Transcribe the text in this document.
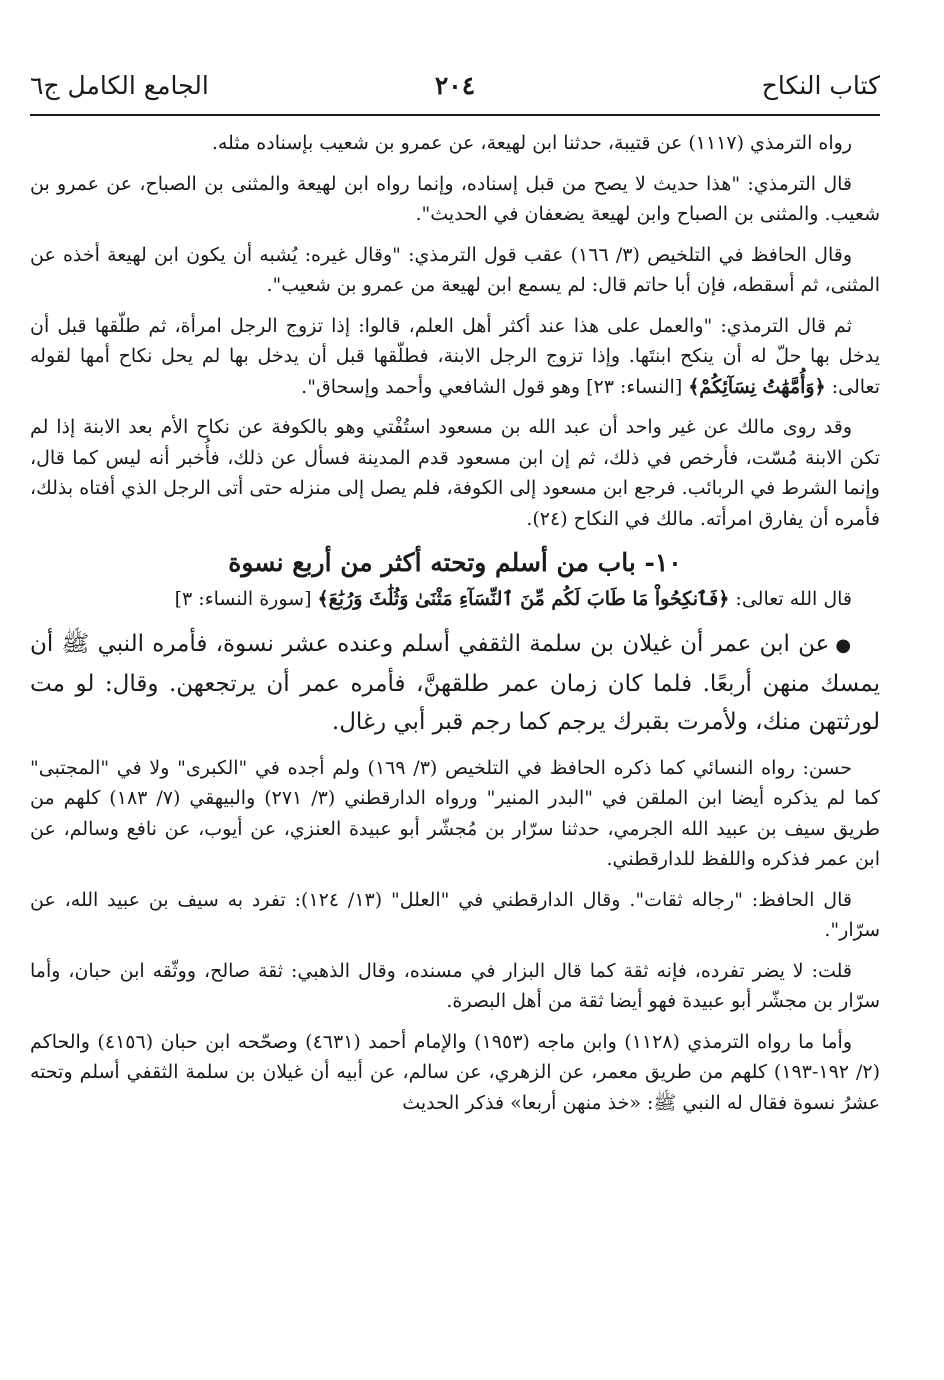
كتاب النكاح
٢٠٤
الجامع الكامل ج٦

رواه الترمذي (١١١٧) عن قتيبة، حدثنا ابن لهيعة، عن عمرو بن شعيب بإسناده مثله.

قال الترمذي: "هذا حديث لا يصح من قبل إسناده، وإنما رواه ابن لهيعة والمثنى بن الصباح، عن عمرو بن شعيب. والمثنى بن الصباح وابن لهيعة يضعفان في الحديث".

وقال الحافظ في التلخيص (٣/ ١٦٦) عقب قول الترمذي: "وقال غيره: يُشبه أن يكون ابن لهيعة أخذه عن المثنى، ثم أسقطه، فإن أبا حاتم قال: لم يسمع ابن لهيعة من عمرو بن شعيب".

ثم قال الترمذي: "والعمل على هذا عند أكثر أهل العلم، قالوا: إذا تزوج الرجل امرأة، ثم طلّقها قبل أن يدخل بها حلّ له أن ينكح ابنتَها. وإذا تزوج الرجل الابنة، فطلّقها قبل أن يدخل بها لم يحل نكاح أمها لقوله تعالى: ﴿وَأُمَّهَٰتُ نِسَآئِكُمْ﴾ [النساء: ٢٣] وهو قول الشافعي وأحمد وإسحاق".

وقد روى مالك عن غير واحد أن عبد الله بن مسعود استُفْتي وهو بالكوفة عن نكاح الأم بعد الابنة إذا لم تكن الابنة مُسّت، فأرخص في ذلك، ثم إن ابن مسعود قدم المدينة فسأل عن ذلك، فأُخبر أنه ليس كما قال، وإنما الشرط في الربائب. فرجع ابن مسعود إلى الكوفة، فلم يصل إلى منزله حتى أتى الرجل الذي أفتاه بذلك، فأمره أن يفارق امرأته. مالك في النكاح (٢٤).

١٠- باب من أسلم وتحته أكثر من أربع نسوة

قال الله تعالى: ﴿فَٱنكِحُواْ مَا طَابَ لَكُم مِّنَ ٱلنِّسَآءِ مَثْنَىٰ وَثُلَٰثَ وَرُبَٰعَ﴾ [سورة النساء: ٣]

●عن ابن عمر أن غيلان بن سلمة الثقفي أسلم وعنده عشر نسوة، فأمره النبي ﷺ أن يمسك منهن أربعًا. فلما كان زمان عمر طلقهنَّ، فأمره عمر أن يرتجعهن. وقال: لو مت لورثتهن منك، ولأمرت بقبرك يرجم كما رجم قبر أبي رغال.

حسن: رواه النسائي كما ذكره الحافظ في التلخيص (٣/ ١٦٩) ولم أجده في "الكبرى" ولا في "المجتبى" كما لم يذكره أيضا ابن الملقن في "البدر المنير" ورواه الدارقطني (٣/ ٢٧١) والبيهقي (٧/ ١٨٣) كلهم من طريق سيف بن عبيد الله الجرمي، حدثنا سرّار بن مُجشّر أبو عبيدة العنزي، عن أيوب، عن نافع وسالم، عن ابن عمر فذكره واللفظ للدارقطني.

قال الحافظ: "رجاله ثقات". وقال الدارقطني في "العلل" (١٣/ ١٢٤): تفرد به سيف بن عبيد الله، عن سرّار".

قلت: لا يضر تفرده، فإنه ثقة كما قال البزار في مسنده، وقال الذهبي: ثقة صالح، ووثّقه ابن حبان، وأما سرّار بن مجشّر أبو عبيدة فهو أيضا ثقة من أهل البصرة.

وأما ما رواه الترمذي (١١٢٨) وابن ماجه (١٩٥٣) والإمام أحمد (٤٦٣١) وصحّحه ابن حبان (٤١٥٦) والحاكم (٢/ ١٩٢-١٩٣) كلهم من طريق معمر، عن الزهري، عن سالم، عن أبيه أن غيلان بن سلمة الثقفي أسلم وتحته عشرُ نسوة فقال له النبي ﷺ: «خذ منهن أربعا» فذكر الحديث
